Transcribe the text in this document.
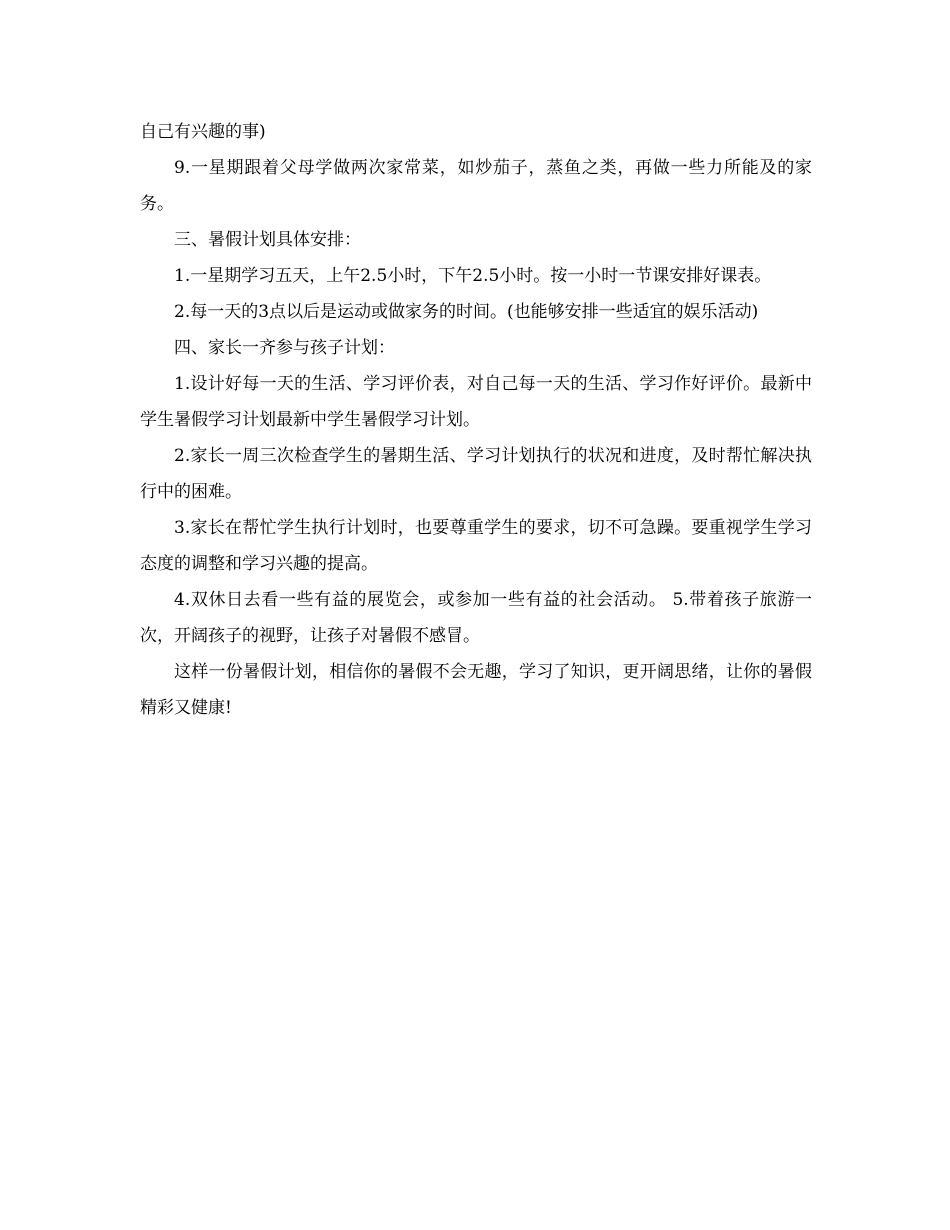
自己有兴趣的事)

9.一星期跟着父母学做两次家常菜，如炒茄子，蒸鱼之类，再做一些力所能及的家务。

三、暑假计划具体安排：

1.一星期学习五天，上午2.5小时，下午2.5小时。按一小时一节课安排好课表。

2.每一天的3点以后是运动或做家务的时间。(也能够安排一些适宜的娱乐活动)

四、家长一齐参与孩子计划：

1.设计好每一天的生活、学习评价表，对自己每一天的生活、学习作好评价。最新中学生暑假学习计划最新中学生暑假学习计划。

2.家长一周三次检查学生的暑期生活、学习计划执行的状况和进度，及时帮忙解决执行中的困难。

3.家长在帮忙学生执行计划时，也要尊重学生的要求，切不可急躁。要重视学生学习态度的调整和学习兴趣的提高。

4.双休日去看一些有益的展览会，或参加一些有益的社会活动。 5.带着孩子旅游一次，开阔孩子的视野，让孩子对暑假不感冒。

这样一份暑假计划，相信你的暑假不会无趣，学习了知识，更开阔思绪，让你的暑假精彩又健康!
